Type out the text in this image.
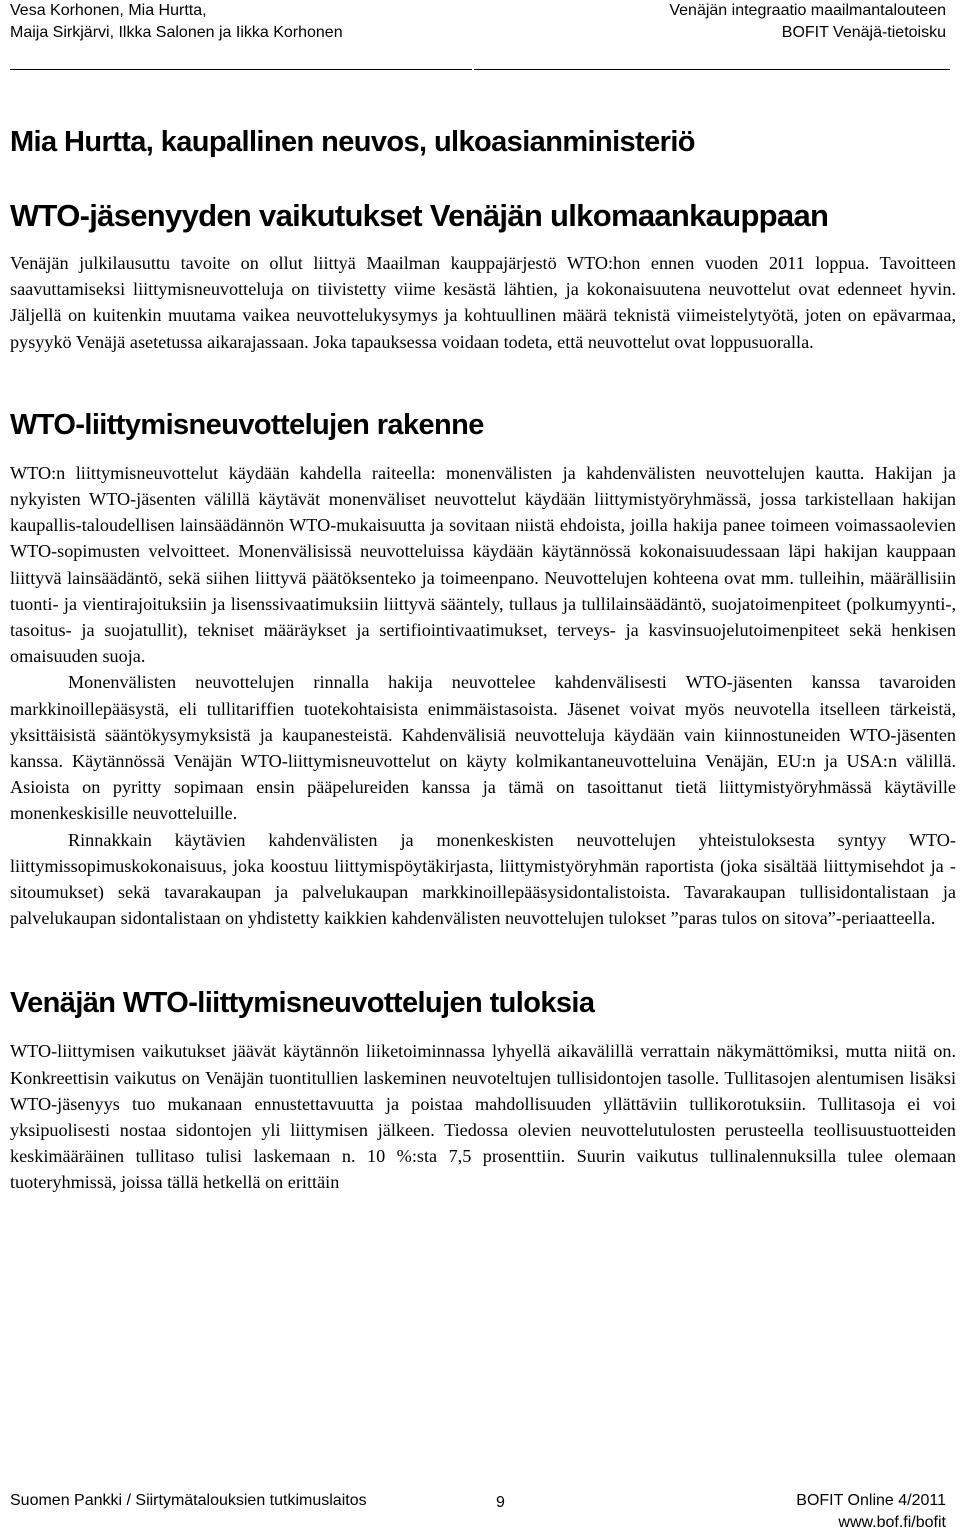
Vesa Korhonen, Mia Hurtta,
Maija Sirkjärvi, Ilkka Salonen ja Iikka Korhonen
Venäjän integraatio maailmantalouteen
BOFIT Venäjä-tietoisku
Mia Hurtta, kaupallinen neuvos, ulkoasianministeriö
WTO-jäsenyyden vaikutukset Venäjän ulkomaankauppaan

Venäjän julkilausuttu tavoite on ollut liittyä Maailman kauppajärjestö WTO:hon ennen vuoden 2011 loppua. Tavoitteen saavuttamiseksi liittymisneuvotteluja on tiivistetty viime kesästä lähtien, ja kokonaisuutena neuvottelut ovat edenneet hyvin. Jäljellä on kuitenkin muutama vaikea neuvottelukysymys ja kohtuullinen määrä teknistä viimeistelytyötä, joten on epävarmaa, pysyykö Venäjä asetetussa aikarajassaan. Joka tapauksessa voidaan todeta, että neuvottelut ovat loppusuoralla.

WTO-liittymisneuvottelujen rakenne

WTO:n liittymisneuvottelut käydään kahdella raiteella: monenvälisten ja kahdenvälisten neuvottelujen kautta. Hakijan ja nykyisten WTO-jäsenten välillä käytävät monenväliset neuvottelut käydään liittymistyöryhmässä, jossa tarkistellaan hakijan kaupallis-taloudellisen lainsäädännön WTO-mukaisuutta ja sovitaan niistä ehdoista, joilla hakija panee toimeen voimassaolevien WTO-sopimusten velvoitteet. Monenvälisissä neuvotteluissa käydään käytännössä kokonaisuudessaan läpi hakijan kauppaan liittyvä lainsäädäntö, sekä siihen liittyvä päätöksenteko ja toimeenpano. Neuvottelujen kohteena ovat mm. tulleihin, määrällisiin tuonti- ja vientirajoituksiin ja lisenssivaatimuksiin liittyvä sääntely, tullaus ja tullilainsäädäntö, suojatoimenpiteet (polkumyynti-, tasoitus- ja suojatullit), tekniset määräykset ja sertifiointivaatimukset, terveys- ja kasvinsuojelutoimenpiteet sekä henkisen omaisuuden suoja.

Monenvälisten neuvottelujen rinnalla hakija neuvottelee kahdenvälisesti WTO-jäsenten kanssa tavaroiden markkinoillepääsystä, eli tullitariffien tuotekohtaisista enimmäistasoista. Jäsenet voivat myös neuvotella itselleen tärkeistä, yksittäisistä sääntökysymyksistä ja kaupanesteistä. Kahdenvälisiä neuvotteluja käydään vain kiinnostuneiden WTO-jäsenten kanssa. Käytännössä Venäjän WTO-liittymisneuvottelut on käyty kolmikantaneuvotteluina Venäjän, EU:n ja USA:n välillä. Asioista on pyritty sopimaan ensin pääpelureiden kanssa ja tämä on tasoittanut tietä liittymistyöryhmässä käytäville monenkeskisille neuvotteluille.

Rinnakkain käytävien kahdenvälisten ja monenkeskisten neuvottelujen yhteistuloksesta syntyy WTO-liittymissopimuskokonaisuus, joka koostuu liittymispöytäkirjasta, liittymistyöryhmän raportista (joka sisältää liittymisehdot ja -sitoumukset) sekä tavarakaupan ja palvelukaupan markkinoillepääsysidontalistoista. Tavarakaupan tullisidontalistaan ja palvelukaupan sidontalistaan on yhdistetty kaikkien kahdenvälisten neuvottelujen tulokset ”paras tulos on sitova”-periaatteella.

Venäjän WTO-liittymisneuvottelujen tuloksia

WTO-liittymisen vaikutukset jäävät käytännön liiketoiminnassa lyhyellä aikavälillä verrattain näkymättömiksi, mutta niitä on. Konkreettisin vaikutus on Venäjän tuontitullien laskeminen neuvoteltujen tullisidontojen tasolle. Tullitasojen alentumisen lisäksi WTO-jäsenyys tuo mukanaan ennustettavuutta ja poistaa mahdollisuuden yllättäviin tullikorotuksiin. Tullitasoja ei voi yksipuolisesti nostaa sidontojen yli liittymisen jälkeen. Tiedossa olevien neuvottelutulosten perusteella teollisuustuotteiden keskimääräinen tullitaso tulisi laskemaan n. 10 %:sta 7,5 prosenttiin. Suurin vaikutus tullinalennuksilla tulee olemaan tuoteryhmissä, joissa tällä hetkellä on erittäin

Suomen Pankki / Siirtymätalouksien tutkimuslaitos	9	BOFIT Online 4/2011
www.bof.fi/bofit
